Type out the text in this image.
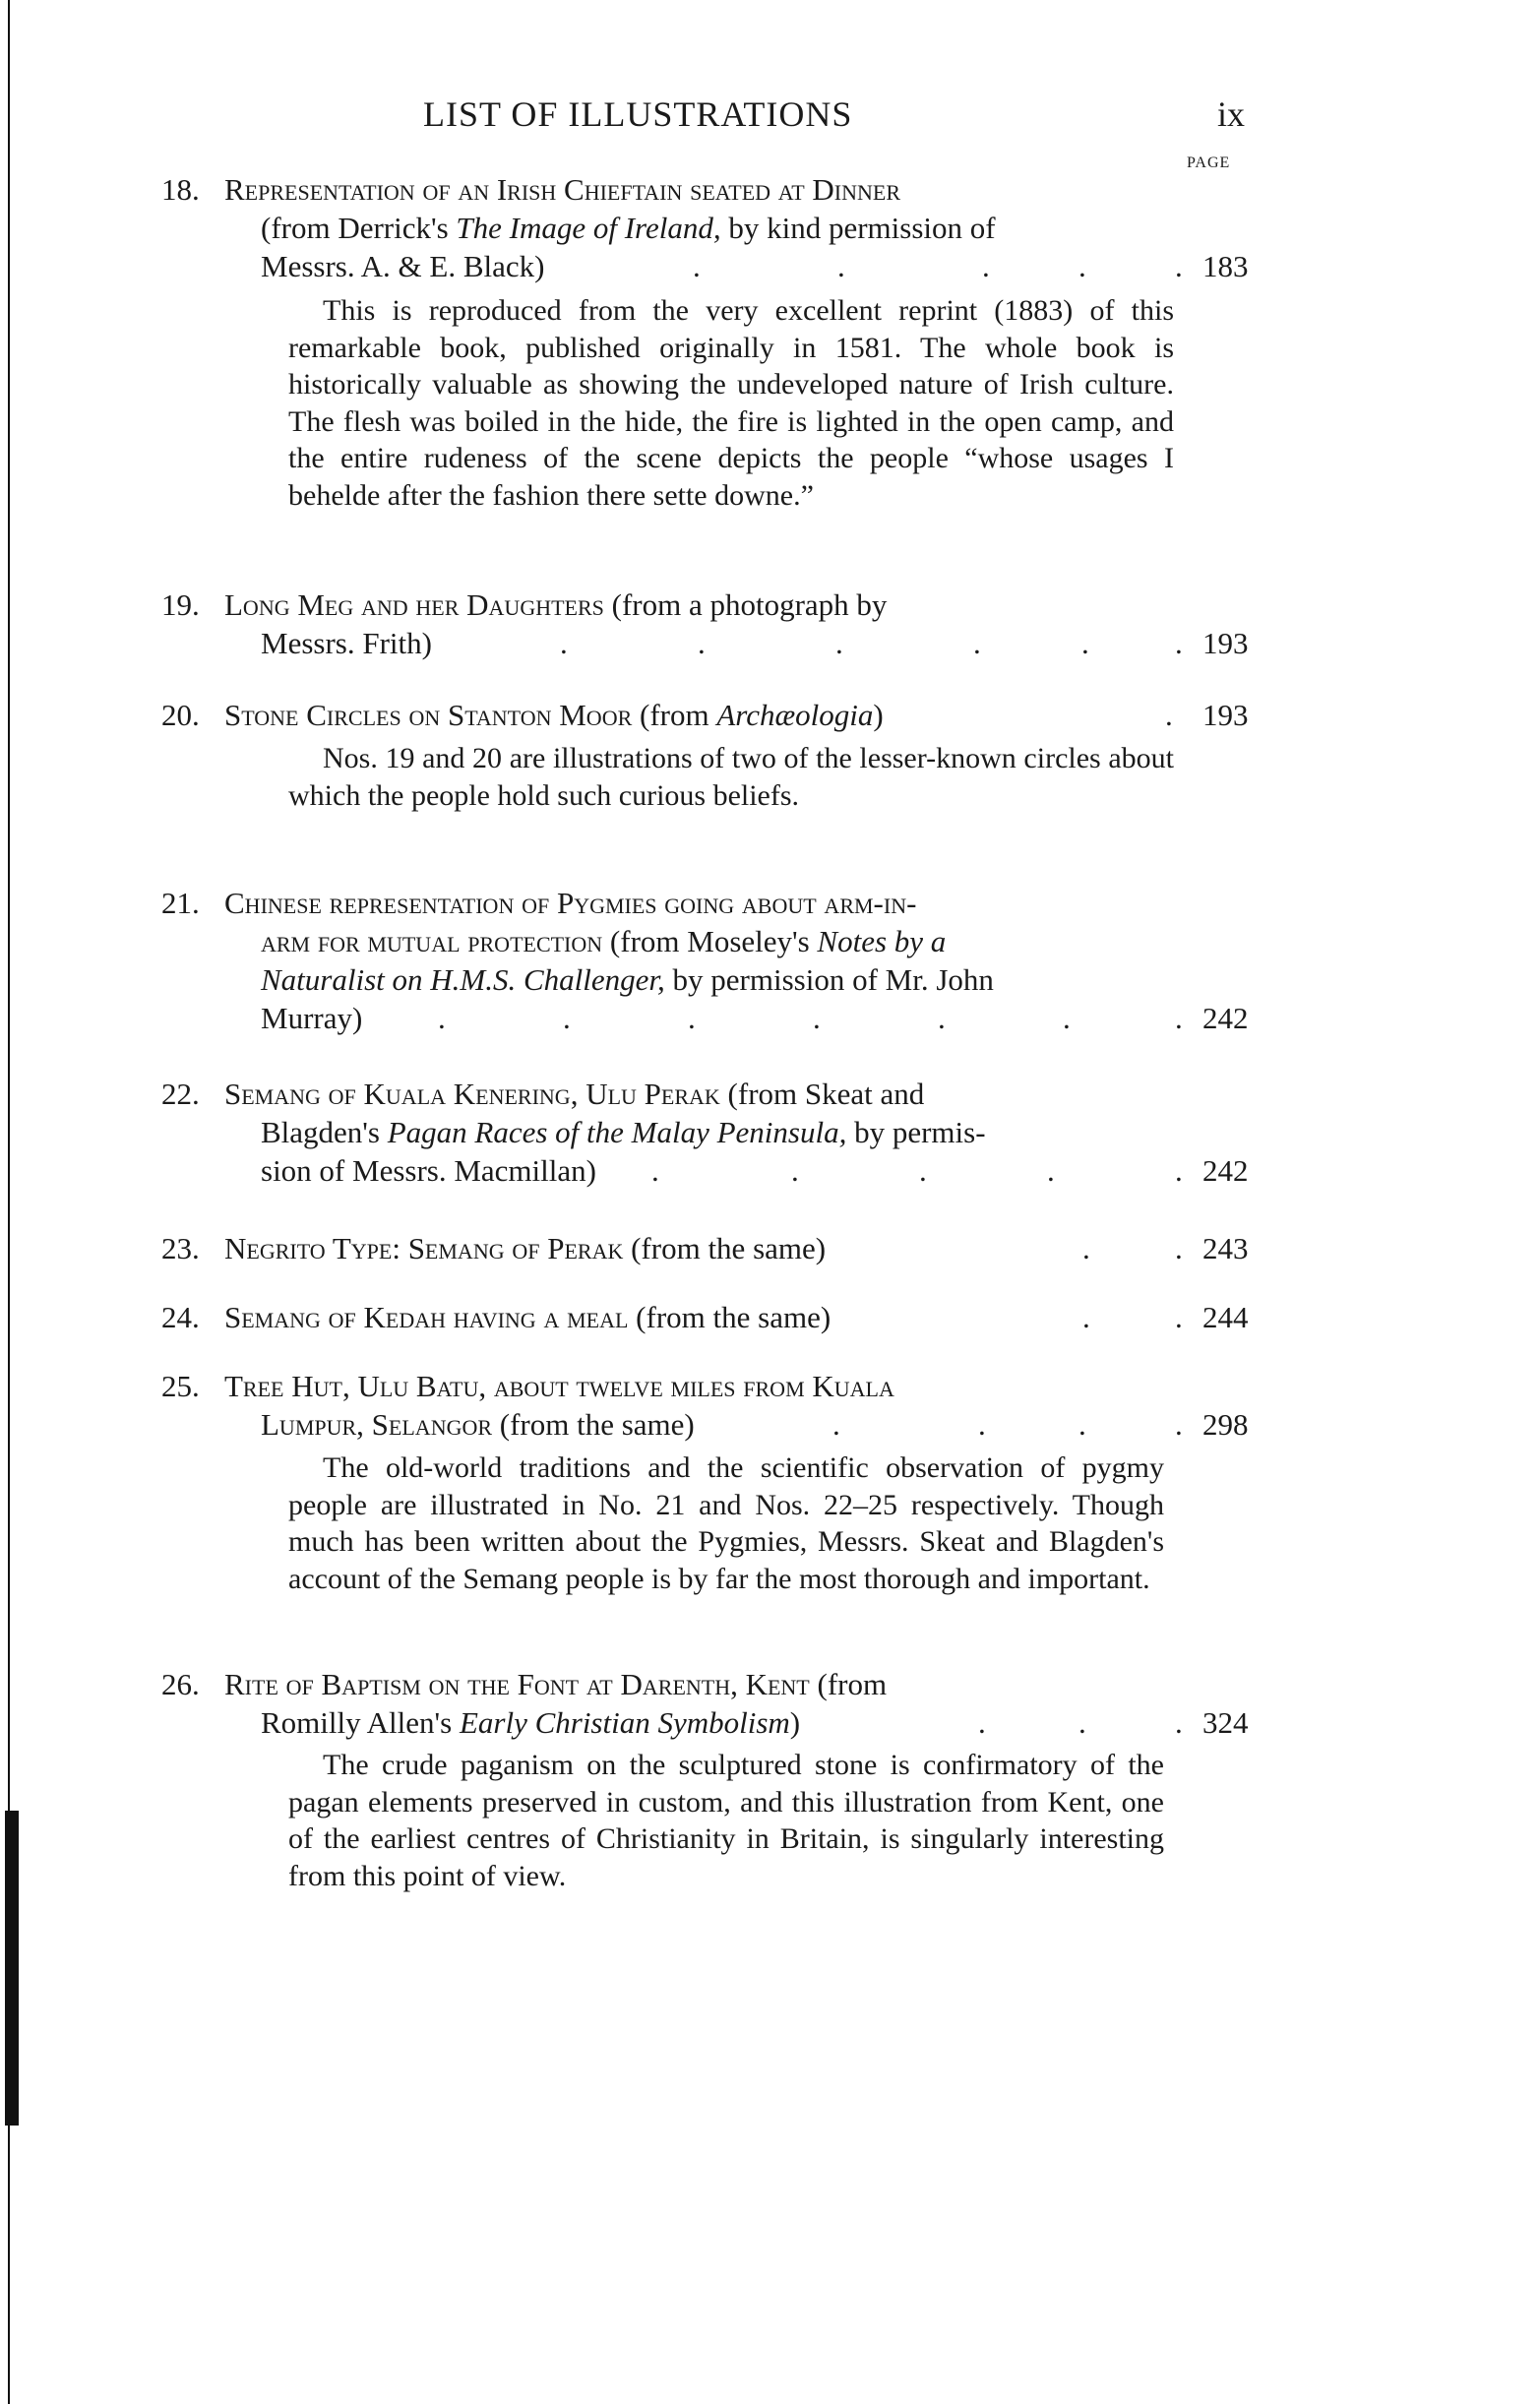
LIST OF ILLUSTRATIONS	ix
PAGE
18. Representation of an Irish Chieftain seated at Dinner
(from Derrick's The Image of Ireland, by kind permission of
Messrs. A. & E. Black)	.	.	.	.	. 183

This is reproduced from the very excellent reprint (1883) of this remarkable book, published originally in 1581. The whole book is historically valuable as showing the undeveloped nature of Irish culture. The flesh was boiled in the hide, the fire is lighted in the open camp, and the entire rudeness of the scene depicts the people “whose usages I behelde after the fashion there sette downe.”

19. Long Meg and her Daughters (from a photograph by
Messrs. Frith)	.	.	.	.	.	. 193
20. Stone Circles on Stanton Moor (from Archæologia)	. 193

Nos. 19 and 20 are illustrations of two of the lesser-known circles about which the people hold such curious beliefs.

21. Chinese representation of Pygmies going about arm-in-
arm for mutual protection (from Moseley's Notes by a
Naturalist on H.M.S. Challenger, by permission of Mr. John
Murray) .	.	.	.	.	.	. 242
22. Semang of Kuala Kenering, Ulu Perak (from Skeat and
Blagden's Pagan Races of the Malay Peninsula, by permis-
sion of Messrs. Macmillan) .	.	.	.	. 242
23. Negrito Type: Semang of Perak (from the same)	.	. 243
24. Semang of Kedah having a meal (from the same)	.	. 244
25. Tree Hut, Ulu Batu, about twelve miles from Kuala
Lumpur, Selangor (from the same)	.	.	.	. 298

The old-world traditions and the scientific observation of pygmy people are illustrated in No. 21 and Nos. 22–25 respectively. Though much has been written about the Pygmies, Messrs. Skeat and Blagden's account of the Semang people is by far the most thorough and important.

26. Rite of Baptism on the Font at Darenth, Kent (from
Romilly Allen's Early Christian Symbolism)	.	.	. 324

The crude paganism on the sculptured stone is confirmatory of the pagan elements preserved in custom, and this illustration from Kent, one of the earliest centres of Christianity in Britain, is singularly interesting from this point of view.
